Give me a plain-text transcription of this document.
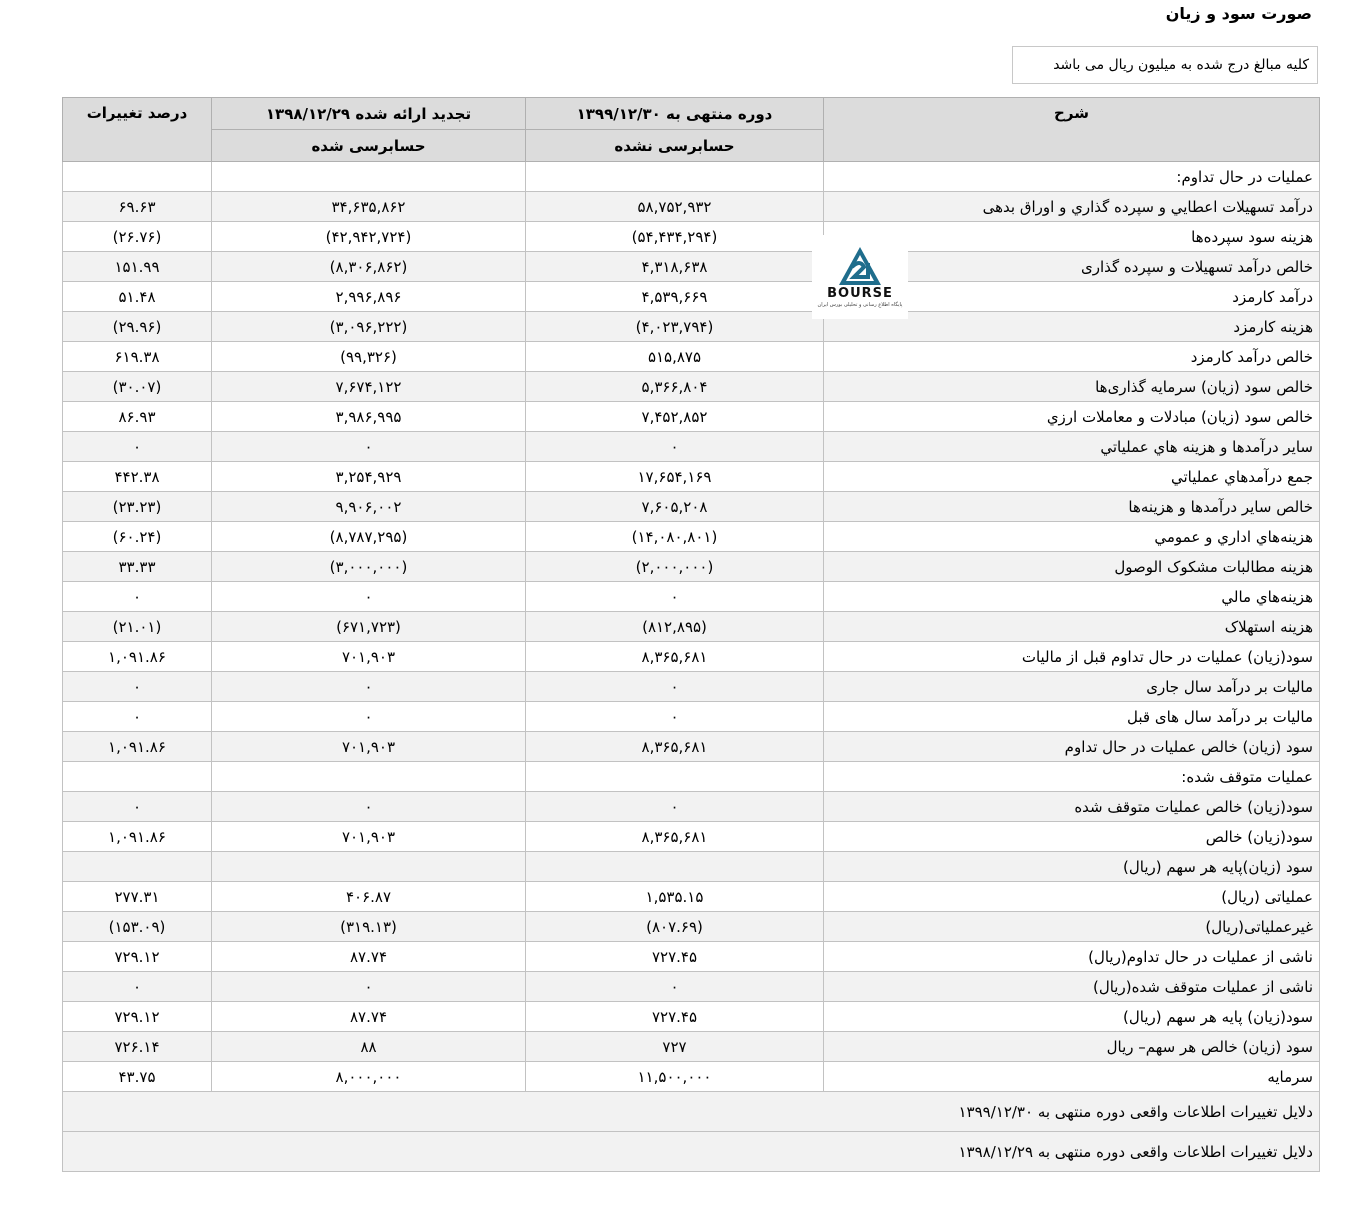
صورت سود و زیان
کلیه مبالغ درج شده به میلیون ریال می باشد
شرح	دوره منتهی به ۱۳۹۹/۱۲/۳۰	تجدید ارائه شده ۱۳۹۸/۱۲/۲۹	درصد تغییرات
	حسابرسی نشده	حسابرسی شده	
عملیات در حال تداوم:			
درآمد تسهیلات اعطایي و سپرده گذاري و اوراق بدهی	۵۸,۷۵۲,۹۳۲	۳۴,۶۳۵,۸۶۲	۶۹.۶۳
هزینه سود سپرده‌ها	(۵۴,۴۳۴,۲۹۴)	(۴۲,۹۴۲,۷۲۴)	(۲۶.۷۶)
خالص درآمد تسهیلات و سپرده گذاری	۴,۳۱۸,۶۳۸	(۸,۳۰۶,۸۶۲)	۱۵۱.۹۹
درآمد کارمزد	۴,۵۳۹,۶۶۹	۲,۹۹۶,۸۹۶	۵۱.۴۸
هزینه کارمزد	(۴,۰۲۳,۷۹۴)	(۳,۰۹۶,۲۲۲)	(۲۹.۹۶)
خالص درآمد کارمزد	۵۱۵,۸۷۵	(۹۹,۳۲۶)	۶۱۹.۳۸
خالص سود (زیان) سرمایه گذاری‌ها	۵,۳۶۶,۸۰۴	۷,۶۷۴,۱۲۲	(۳۰.۰۷)
خالص سود (زیان) مبادلات و معاملات ارزي	۷,۴۵۲,۸۵۲	۳,۹۸۶,۹۹۵	۸۶.۹۳
سایر درآمدها و هزینه هاي عملیاتي	۰	۰	۰
جمع درآمدهاي عملیاتي	۱۷,۶۵۴,۱۶۹	۳,۲۵۴,۹۲۹	۴۴۲.۳۸
خالص سایر درآمدها و هزینه‌ها	۷,۶۰۵,۲۰۸	۹,۹۰۶,۰۰۲	(۲۳.۲۳)
هزینه‌هاي اداري و عمومي	(۱۴,۰۸۰,۸۰۱)	(۸,۷۸۷,۲۹۵)	(۶۰.۲۴)
هزینه مطالبات مشکوک الوصول	(۲,۰۰۰,۰۰۰)	(۳,۰۰۰,۰۰۰)	۳۳.۳۳
هزینه‌هاي مالي	۰	۰	۰
هزینه استهلاک	(۸۱۲,۸۹۵)	(۶۷۱,۷۲۳)	(۲۱.۰۱)
سود(زیان) عملیات در حال تداوم قبل از مالیات	۸,۳۶۵,۶۸۱	۷۰۱,۹۰۳	۱,۰۹۱.۸۶
مالیات بر درآمد سال جاری	۰	۰	۰
مالیات بر درآمد سال های قبل	۰	۰	۰
سود (زیان) خالص عملیات در حال تداوم	۸,۳۶۵,۶۸۱	۷۰۱,۹۰۳	۱,۰۹۱.۸۶
عملیات متوقف شده:			
سود(زیان) خالص عملیات متوقف شده	۰	۰	۰
سود(زیان) خالص	۸,۳۶۵,۶۸۱	۷۰۱,۹۰۳	۱,۰۹۱.۸۶
سود (زیان)پایه هر سهم (ریال)			
عملیاتی (ریال)	۱,۵۳۵.۱۵	۴۰۶.۸۷	۲۷۷.۳۱
غیرعملیاتی(ریال)	(۸۰۷.۶۹)	(۳۱۹.۱۳)	(۱۵۳.۰۹)
ناشی از عملیات در حال تداوم(ریال)	۷۲۷.۴۵	۸۷.۷۴	۷۲۹.۱۲
ناشی از عملیات متوقف شده(ریال)	۰	۰	۰
سود(زیان) پایه هر سهم (ریال)	۷۲۷.۴۵	۸۷.۷۴	۷۲۹.۱۲
سود (زیان) خالص هر سهم– ریال	۷۲۷	۸۸	۷۲۶.۱۴
سرمایه	۱۱,۵۰۰,۰۰۰	۸,۰۰۰,۰۰۰	۴۳.۷۵
دلایل تغییرات اطلاعات واقعی دوره منتهی به ۱۳۹۹/۱۲/۳۰			
دلایل تغییرات اطلاعات واقعی دوره منتهی به ۱۳۹۸/۱۲/۲۹			
BOURSE
پایگاه اطلاع رسانی و تحلیلی بورس ایران
